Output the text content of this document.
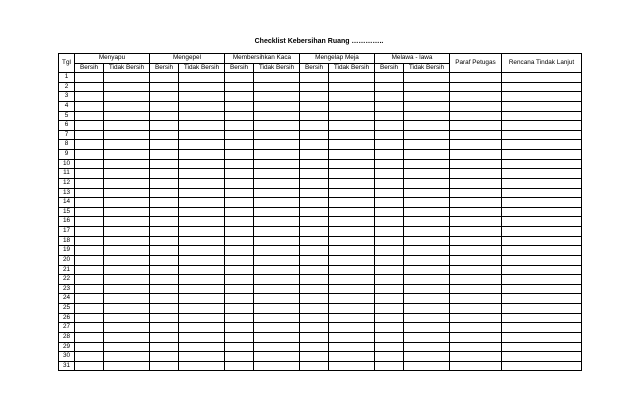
Checklist Kebersihan Ruang …………..
Tgl	Menyapu		Mengepel		Membersihkan Kaca		Mengelap Meja		Melawa - lawa		Paraf Petugas	Rencana Tindak Lanjut
	Bersih	Tidak Bersih	Bersih	Tidak Bersih	Bersih	Tidak Bersih	Bersih	Tidak Bersih	Bersih	Tidak Bersih		
1												
2												
3												
4												
5												
6												
7												
8												
9												
10												
11												
12												
13												
14												
15												
16												
17												
18												
19												
20												
21												
22												
23												
24												
25												
26												
27												
28												
29												
30												
31												
